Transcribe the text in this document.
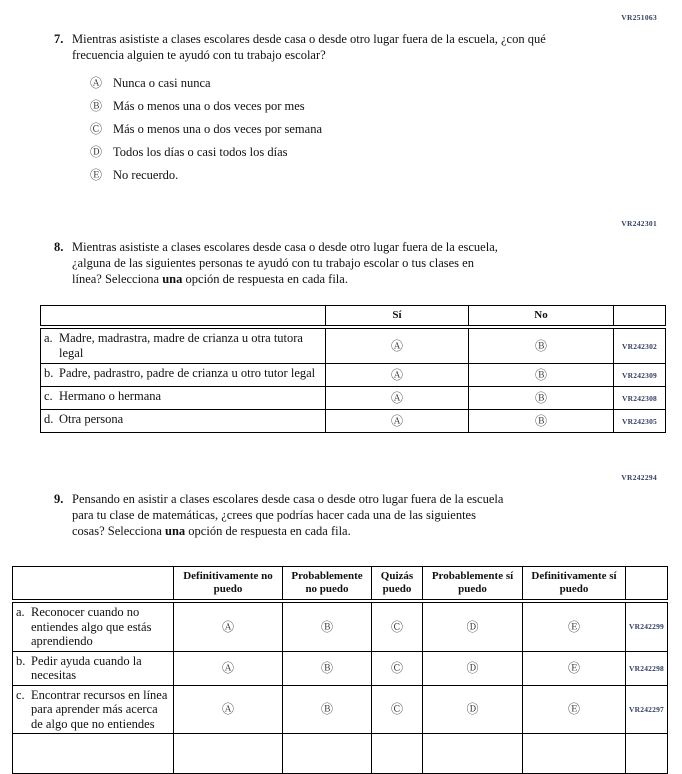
VR251063
7. Mientras asististe a clases escolares desde casa o desde otro lugar fuera de la escuela, ¿con qué
frecuencia alguien te ayudó con tu trabajo escolar?
Ⓐ Nunca o casi nunca
Ⓑ Más o menos una o dos veces por mes
Ⓒ Más o menos una o dos veces por semana
Ⓓ Todos los días o casi todos los días
Ⓔ No recuerdo.
VR242301
8. Mientras asististe a clases escolares desde casa o desde otro lugar fuera de la escuela,
¿alguna de las siguientes personas te ayudó con tu trabajo escolar o tus clases en
línea? Selecciona una opción de respuesta en cada fila.
	Sí	No	

a. Madre, madrastra, madre de crianza u otra tutora legal	Ⓐ	Ⓑ	VR242302

b. Padre, padrastro, padre de crianza u otro tutor legal	Ⓐ	Ⓑ	VR242309

c. Hermano o hermana	Ⓐ	Ⓑ	VR242308

d. Otra persona	Ⓐ	Ⓑ	VR242305
VR242294
9. Pensando en asistir a clases escolares desde casa o desde otro lugar fuera de la escuela
para tu clase de matemáticas, ¿crees que podrías hacer cada una de las siguientes
cosas? Selecciona una opción de respuesta en cada fila.
	Definitivamente no puedo	Probablemente no puedo	Quizás puedo	Probablemente sí puedo	Definitivamente sí puedo	

a. Reconocer cuando no entiendes algo que estás aprendiendo	Ⓐ	Ⓑ	Ⓒ	Ⓓ	Ⓔ	VR242299

b. Pedir ayuda cuando la necesitas	Ⓐ	Ⓑ	Ⓒ	Ⓓ	Ⓔ	VR242298

c. Encontrar recursos en línea para aprender más acerca de algo que no entiendes	Ⓐ	Ⓑ	Ⓒ	Ⓓ	Ⓔ	VR242297
